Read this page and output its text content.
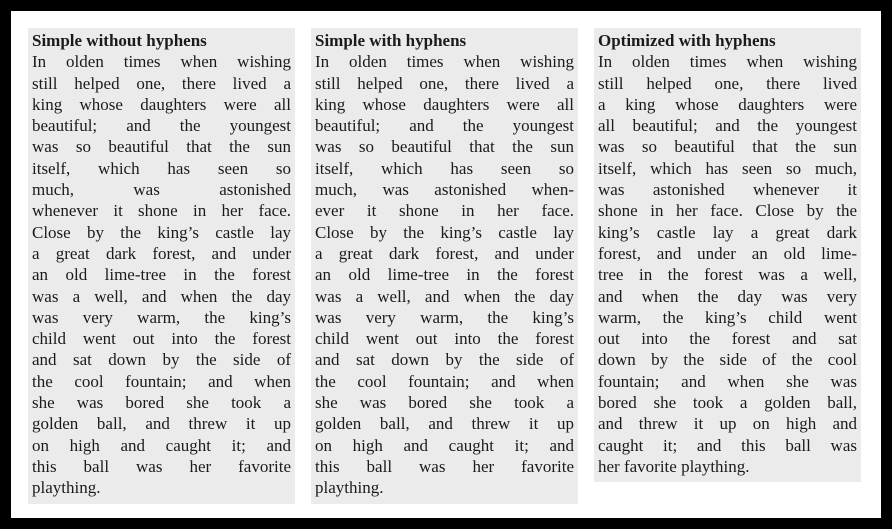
Simple without hyphens
In olden times when wishing
still helped one, there lived a
king whose daughters were all
beautiful; and the youngest
was so beautiful that the sun
itself, which has seen so
much, was astonished
whenever it shone in her face.
Close by the king’s castle lay
a great dark forest, and under
an old lime-tree in the forest
was a well, and when the day
was very warm, the king’s
child went out into the forest
and sat down by the side of
the cool fountain; and when
she was bored she took a
golden ball, and threw it up
on high and caught it; and
this ball was her favorite
plaything.
Simple with hyphens
In olden times when wishing
still helped one, there lived a
king whose daughters were all
beautiful; and the youngest
was so beautiful that the sun
itself, which has seen so
much, was astonished when-
ever it shone in her face.
Close by the king’s castle lay
a great dark forest, and under
an old lime-tree in the forest
was a well, and when the day
was very warm, the king’s
child went out into the forest
and sat down by the side of
the cool fountain; and when
she was bored she took a
golden ball, and threw it up
on high and caught it; and
this ball was her favorite
plaything.
Optimized with hyphens
In olden times when wishing
still helped one, there lived
a king whose daughters were
all beautiful; and the youngest
was so beautiful that the sun
itself, which has seen so much,
was astonished whenever it
shone in her face. Close by the
king’s castle lay a great dark
forest, and under an old lime-
tree in the forest was a well,
and when the day was very
warm, the king’s child went
out into the forest and sat
down by the side of the cool
fountain; and when she was
bored she took a golden ball,
and threw it up on high and
caught it; and this ball was
her favorite plaything.
